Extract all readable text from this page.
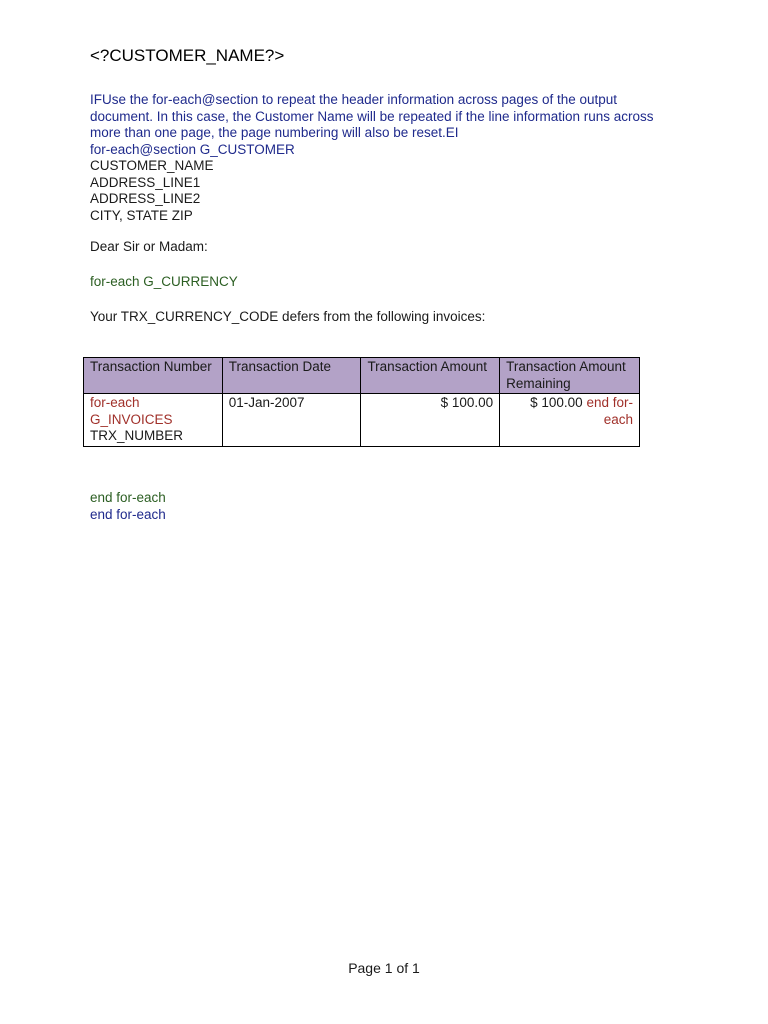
<?CUSTOMER_NAME?>
IFUse the for-each@section to repeat the header information across pages of the output
document. In this case, the Customer Name will be repeated if the line information runs across
more than one page, the page numbering will also be reset.EI
for-each@section G_CUSTOMER
CUSTOMER_NAME
ADDRESS_LINE1
ADDRESS_LINE2
CITY, STATE ZIP
Dear Sir or Madam:
for-each G_CURRENCY
Your TRX_CURRENCY_CODE defers from the following invoices:
Transaction Number	Transaction Date	Transaction Amount	Transaction Amount Remaining
for-each G_INVOICES
TRX_NUMBER	01-Jan-2007	$ 100.00	$ 100.00 end for-each
end for-each
end for-each
Page 1 of 1
